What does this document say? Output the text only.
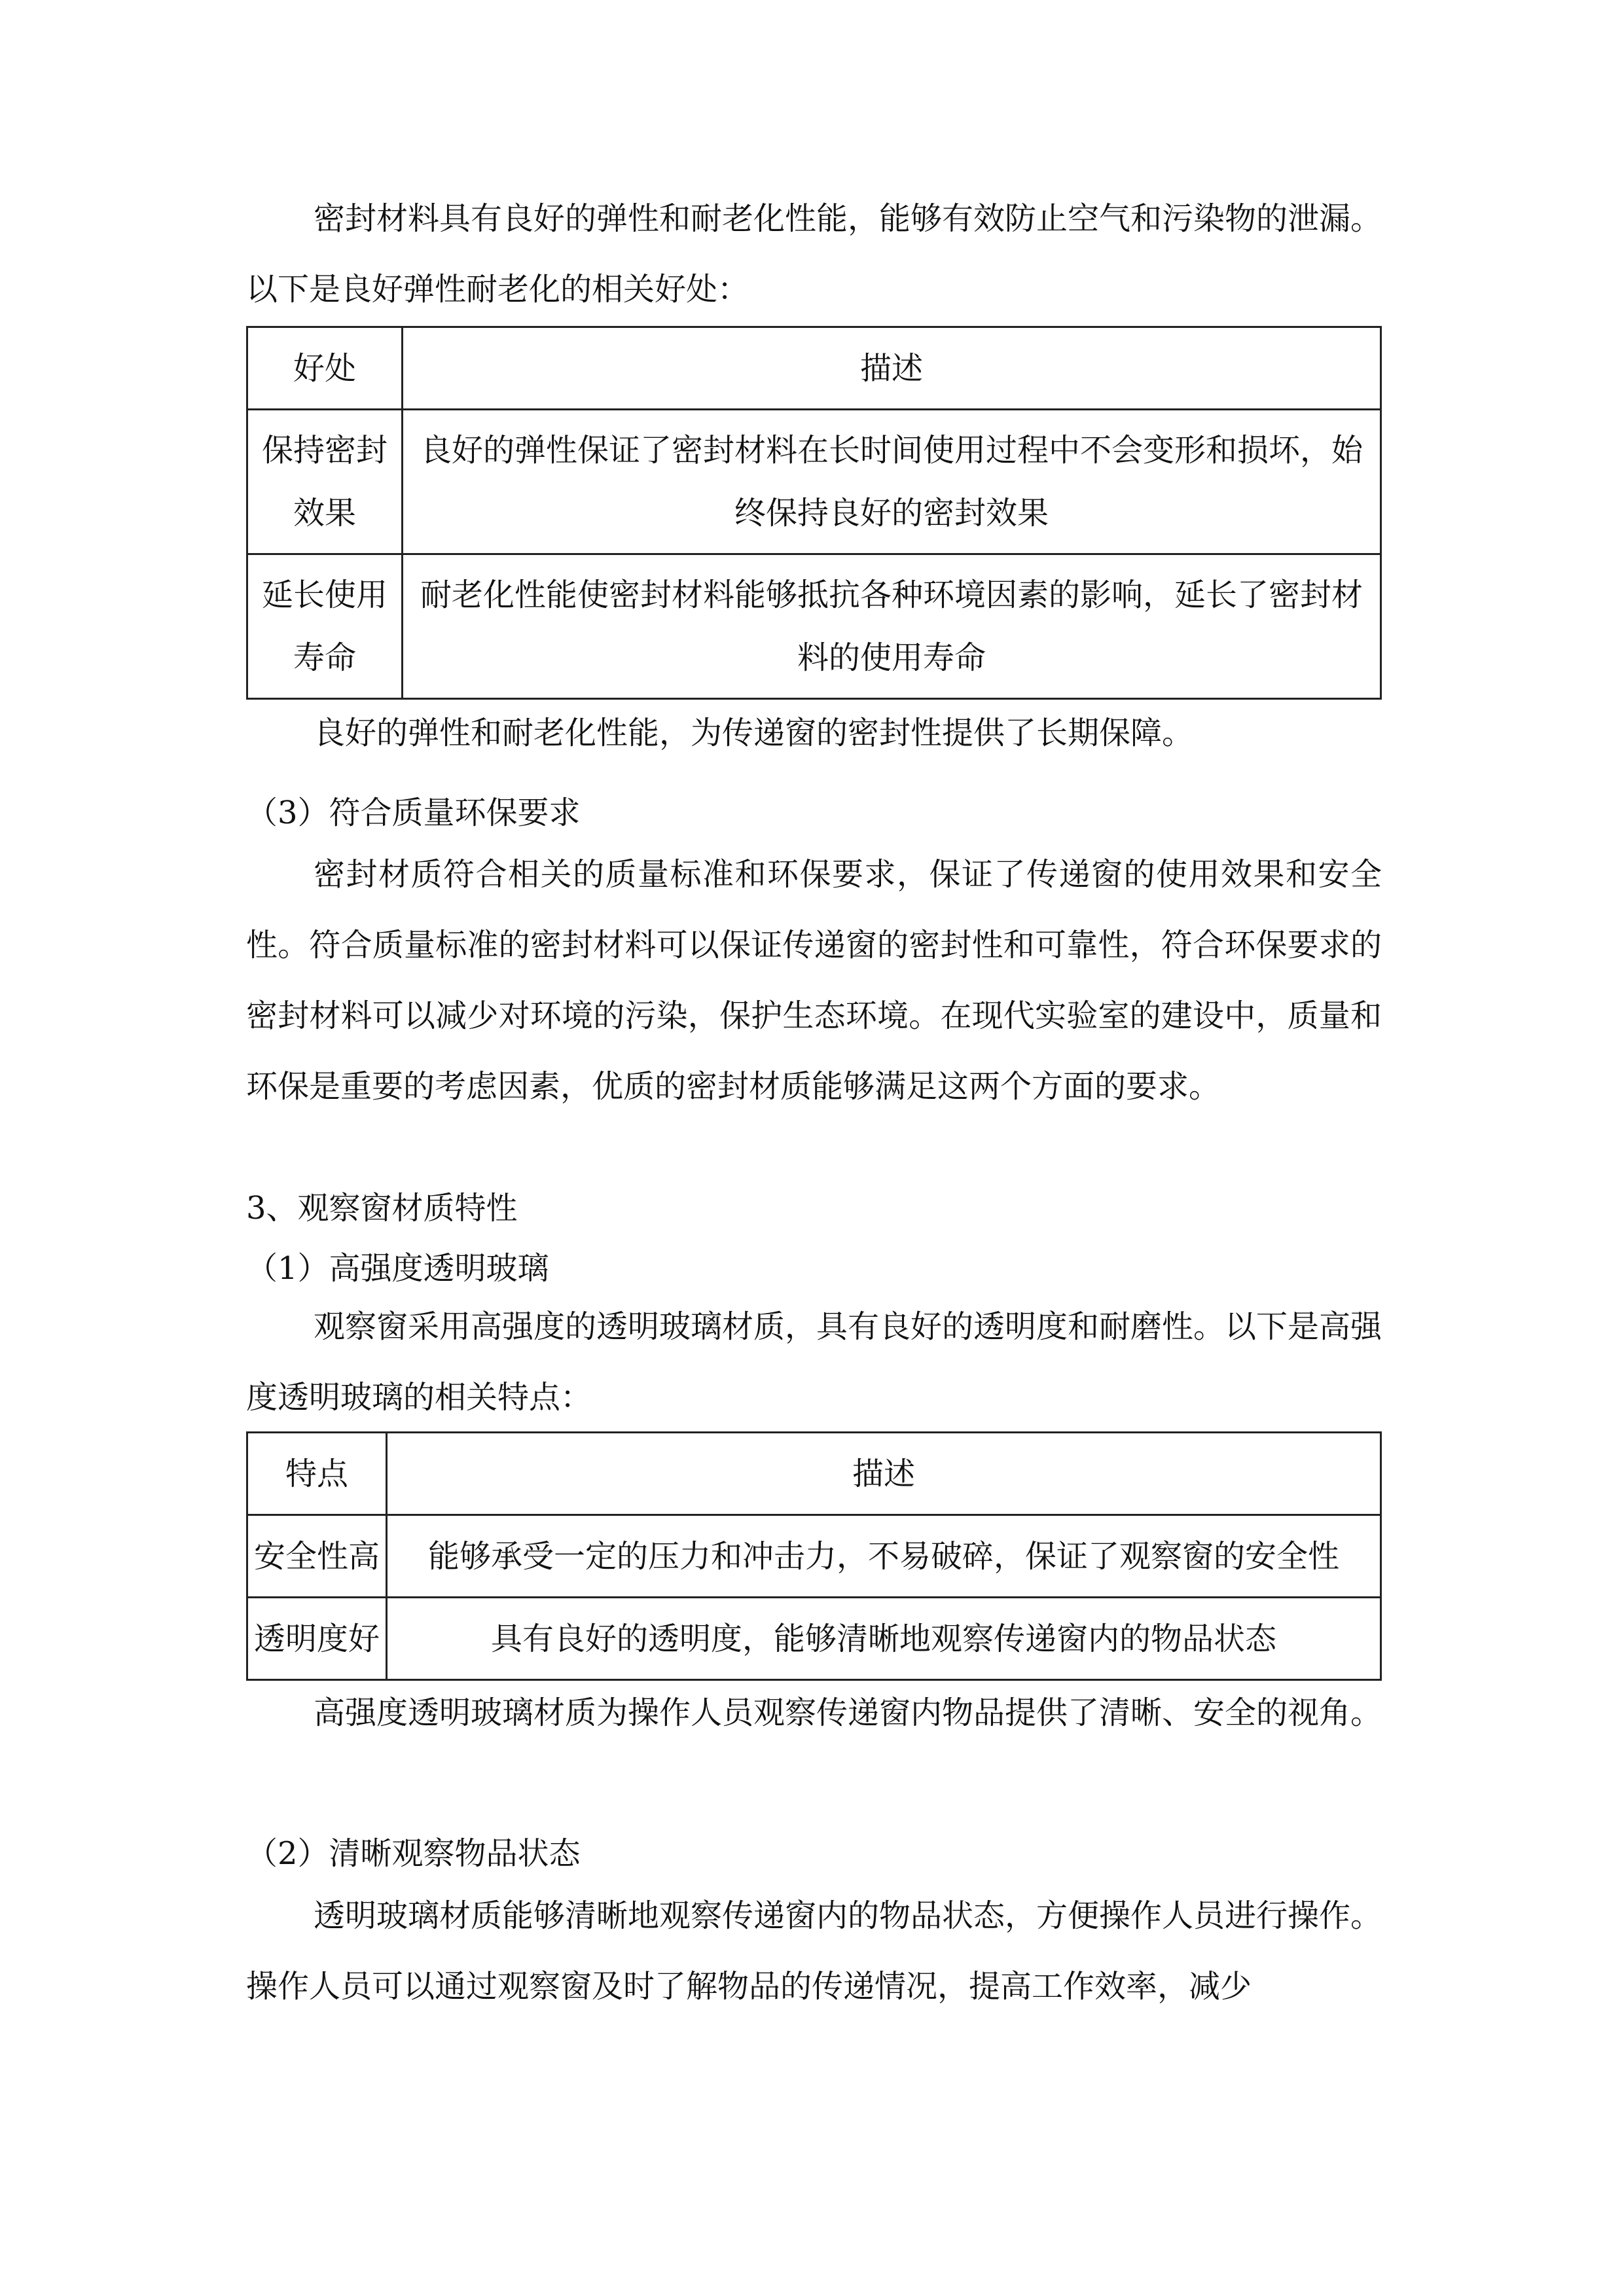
密封材料具有良好的弹性和耐老化性能，能够有效防止空气和污染物的泄漏。以下是良好弹性耐老化的相关好处：

好处	描述
保持密封效果	良好的弹性保证了密封材料在长时间使用过程中不会变形和损坏，始终保持良好的密封效果
延长使用寿命	耐老化性能使密封材料能够抵抗各种环境因素的影响，延长了密封材料的使用寿命

良好的弹性和耐老化性能，为传递窗的密封性提供了长期保障。

（3）符合质量环保要求

密封材质符合相关的质量标准和环保要求，保证了传递窗的使用效果和安全性。符合质量标准的密封材料可以保证传递窗的密封性和可靠性，符合环保要求的密封材料可以减少对环境的污染，保护生态环境。在现代实验室的建设中，质量和环保是重要的考虑因素，优质的密封材质能够满足这两个方面的要求。

3、观察窗材质特性

（1）高强度透明玻璃

观察窗采用高强度的透明玻璃材质，具有良好的透明度和耐磨性。以下是高强度透明玻璃的相关特点：

特点	描述
安全性高	能够承受一定的压力和冲击力，不易破碎，保证了观察窗的安全性
透明度好	具有良好的透明度，能够清晰地观察传递窗内的物品状态

高强度透明玻璃材质为操作人员观察传递窗内物品提供了清晰、安全的视角。

（2）清晰观察物品状态

透明玻璃材质能够清晰地观察传递窗内的物品状态，方便操作人员进行操作。操作人员可以通过观察窗及时了解物品的传递情况，提高工作效率，减少
